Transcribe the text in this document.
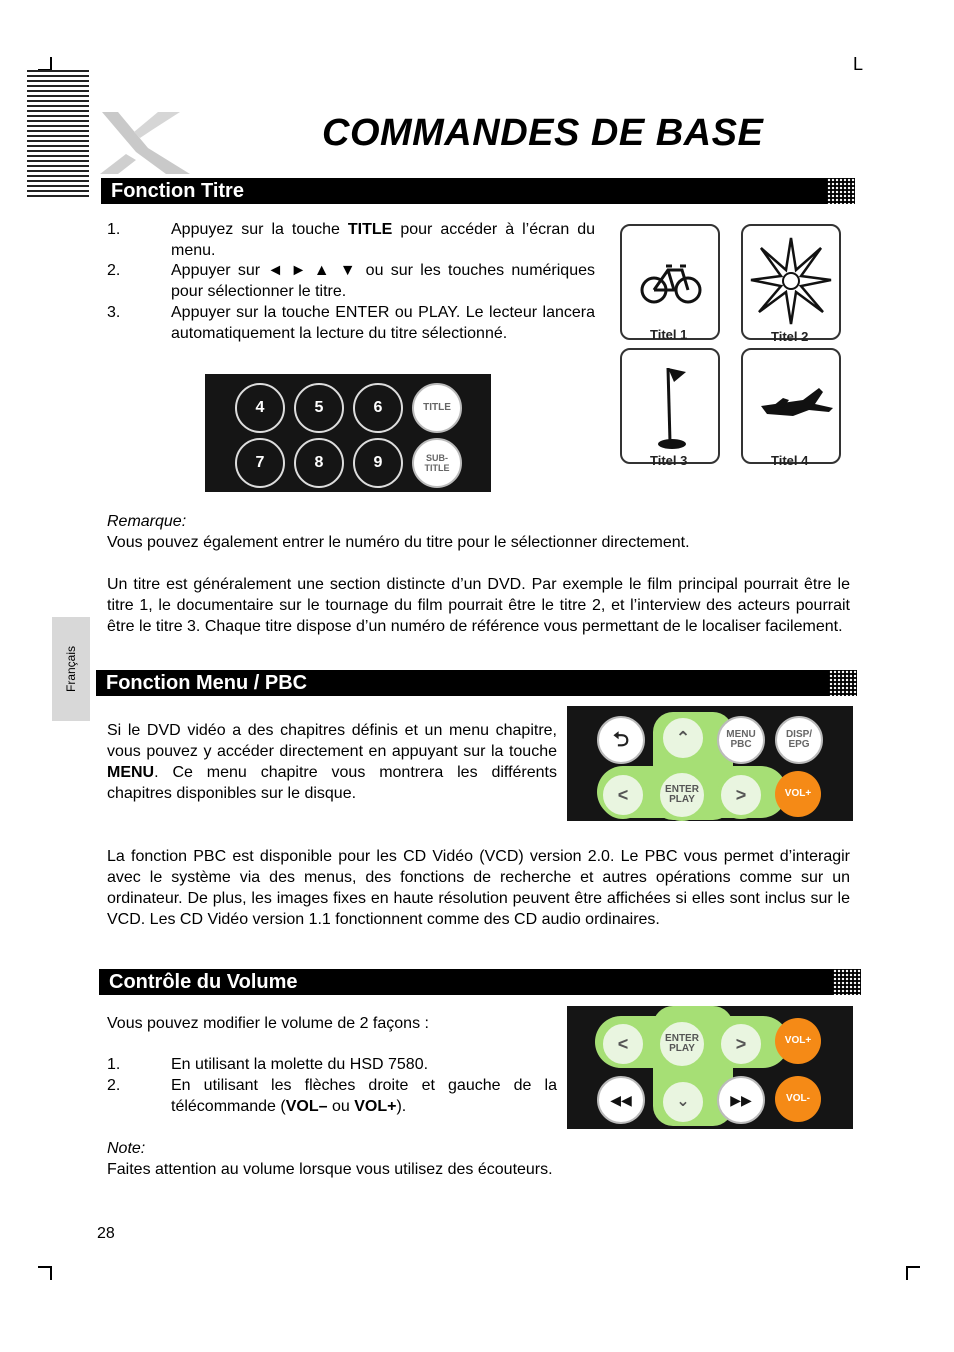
L
COMMANDES DE BASE
Français
Fonction Titre
1.	Appuyez sur la touche TITLE pour accéder à l’écran du menu.
2.	Appuyer sur ◄ ► ▲ ▼ ou sur les touches numériques pour sélectionner le titre.
3.	Appuyer sur la touche ENTER ou PLAY. Le lecteur lancera automatiquement la lecture du titre sélectionné.
4	5	6	TITLE
7	8	9	SUB-TITLE
Titel 1	Titel 2
Titel 3	Titel 4
Remarque:
Vous pouvez également entrer le numéro du titre pour le sélectionner directement.
Un titre est généralement une section distincte d’un DVD. Par exemple le film principal pourrait être le titre 1, le documentaire sur le tournage du film pourrait être le titre 2, et l’interview des acteurs pourrait être le titre 3. Chaque titre dispose d’un numéro de référence vous permettant de le localiser facilement.
Fonction Menu / PBC
Si le DVD vidéo a des chapitres définis et un menu chapitre, vous pouvez y accéder directement en appuyant sur la touche MENU. Ce menu chapitre vous montrera les différents chapitres disponibles sur le disque.
⮌	⌃	MENU PBC
DISP/ EPG
<	ENTER PLAY	>	VOL+
La fonction PBC est disponible pour les CD Vidéo (VCD) version 2.0. Le PBC vous permet d’interagir avec le système via des menus, des fonctions de recherche et autres opérations comme sur un ordinateur. De plus, les images fixes en haute résolution peuvent être affichées si elles sont inclus sur le VCD. Les CD Vidéo version 1.1 fonctionnent comme des CD audio ordinaires.
Contrôle du Volume
Vous pouvez modifier le volume de 2 façons :
1.	En utilisant la molette du HSD 7580.
2.	En utilisant les flèches droite et gauche de la télécommande (VOL– ou VOL+).
<	ENTER PLAY	>	VOL+
◀◀	⌄	▶▶	VOL-
Note:
Faites attention au volume lorsque vous utilisez des écouteurs.
28
